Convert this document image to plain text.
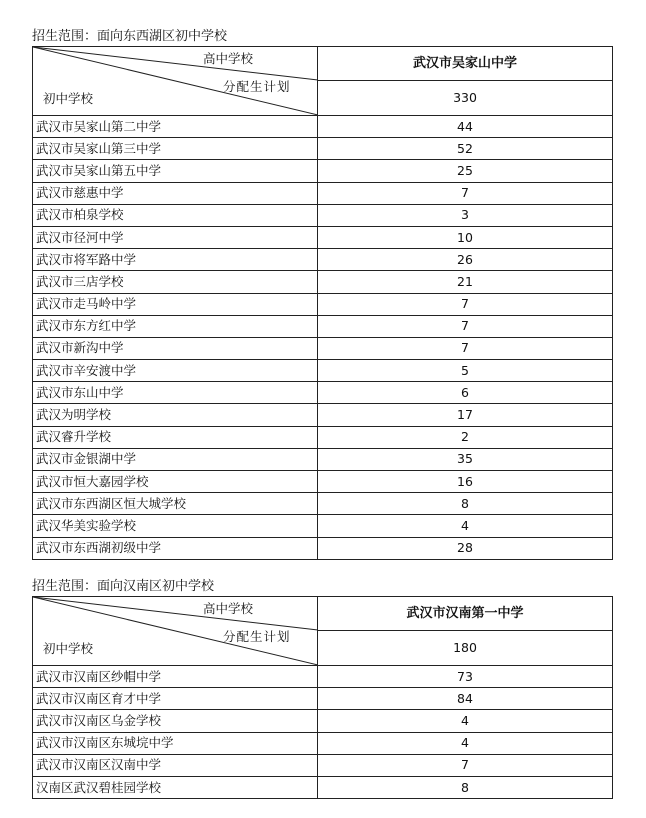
招生范围：面向东西湖区初中学校

高中学校
分配生计划
初中学校	武汉市吴家山中学
	330
武汉市吴家山第二中学	44
武汉市吴家山第三中学	52
武汉市吴家山第五中学	25
武汉市慈惠中学	7
武汉市柏泉学校	3
武汉市径河中学	10
武汉市将军路中学	26
武汉市三店学校	21
武汉市走马岭中学	7
武汉市东方红中学	7
武汉市新沟中学	7
武汉市辛安渡中学	5
武汉市东山中学	6
武汉为明学校	17
武汉睿升学校	2
武汉市金银湖中学	35
武汉市恒大嘉园学校	16
武汉市东西湖区恒大城学校	8
武汉华美实验学校	4
武汉市东西湖初级中学	28

招生范围：面向汉南区初中学校

高中学校
分配生计划
初中学校	武汉市汉南第一中学
	180
武汉市汉南区纱帽中学	73
武汉市汉南区育才中学	84
武汉市汉南区乌金学校	4
武汉市汉南区东城垸中学	4
武汉市汉南区汉南中学	7
汉南区武汉碧桂园学校	8
